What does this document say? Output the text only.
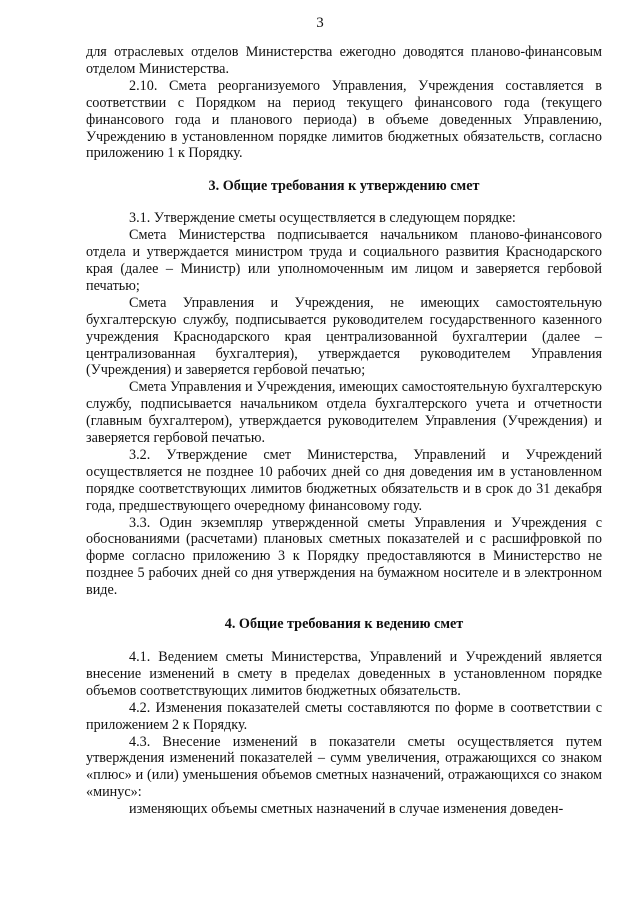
3

для отраслевых отделов Министерства ежегодно доводятся планово-финансовым отделом Министерства.

2.10. Смета реорганизуемого Управления, Учреждения составляется в соответствии с Порядком на период текущего финансового года (текущего финансового года и планового периода) в объеме доведенных Управлению, Учреждению в установленном порядке лимитов бюджетных обязательств, согласно приложению 1 к Порядку.

3. Общие требования к утверждению смет

3.1. Утверждение сметы осуществляется в следующем порядке:

Смета Министерства подписывается начальником планово-финансового отдела и утверждается министром труда и социального развития Краснодарского края (далее – Министр) или уполномоченным им лицом и заверяется гербовой печатью;

Смета Управления и Учреждения, не имеющих самостоятельную бухгалтерскую службу, подписывается руководителем государственного казенного учреждения Краснодарского края централизованной бухгалтерии (далее – централизованная бухгалтерия), утверждается руководителем Управления (Учреждения) и заверяется гербовой печатью;

Смета Управления и Учреждения, имеющих самостоятельную бухгалтерскую службу, подписывается начальником отдела бухгалтерского учета и отчетности (главным бухгалтером), утверждается руководителем Управления (Учреждения) и заверяется гербовой печатью.

3.2. Утверждение смет Министерства, Управлений и Учреждений осуществляется не позднее 10 рабочих дней со дня доведения им в установленном порядке соответствующих лимитов бюджетных обязательств и в срок до 31 декабря года, предшествующего очередному финансовому году.

3.3. Один экземпляр утвержденной сметы Управления и Учреждения с обоснованиями (расчетами) плановых сметных показателей и с расшифровкой по форме согласно приложению 3 к Порядку предоставляются в Министерство не позднее 5 рабочих дней со дня утверждения на бумажном носителе и в электронном виде.

4. Общие требования к ведению смет

4.1. Ведением сметы Министерства, Управлений и Учреждений является внесение изменений в смету в пределах доведенных в установленном порядке объемов соответствующих лимитов бюджетных обязательств.

4.2. Изменения показателей сметы составляются по форме в соответствии с приложением 2 к Порядку.

4.3. Внесение изменений в показатели сметы осуществляется путем утверждения изменений показателей – сумм увеличения, отражающихся со знаком «плюс» и (или) уменьшения объемов сметных назначений, отражающихся со знаком «минус»:

изменяющих объемы сметных назначений в случае изменения доведен-
